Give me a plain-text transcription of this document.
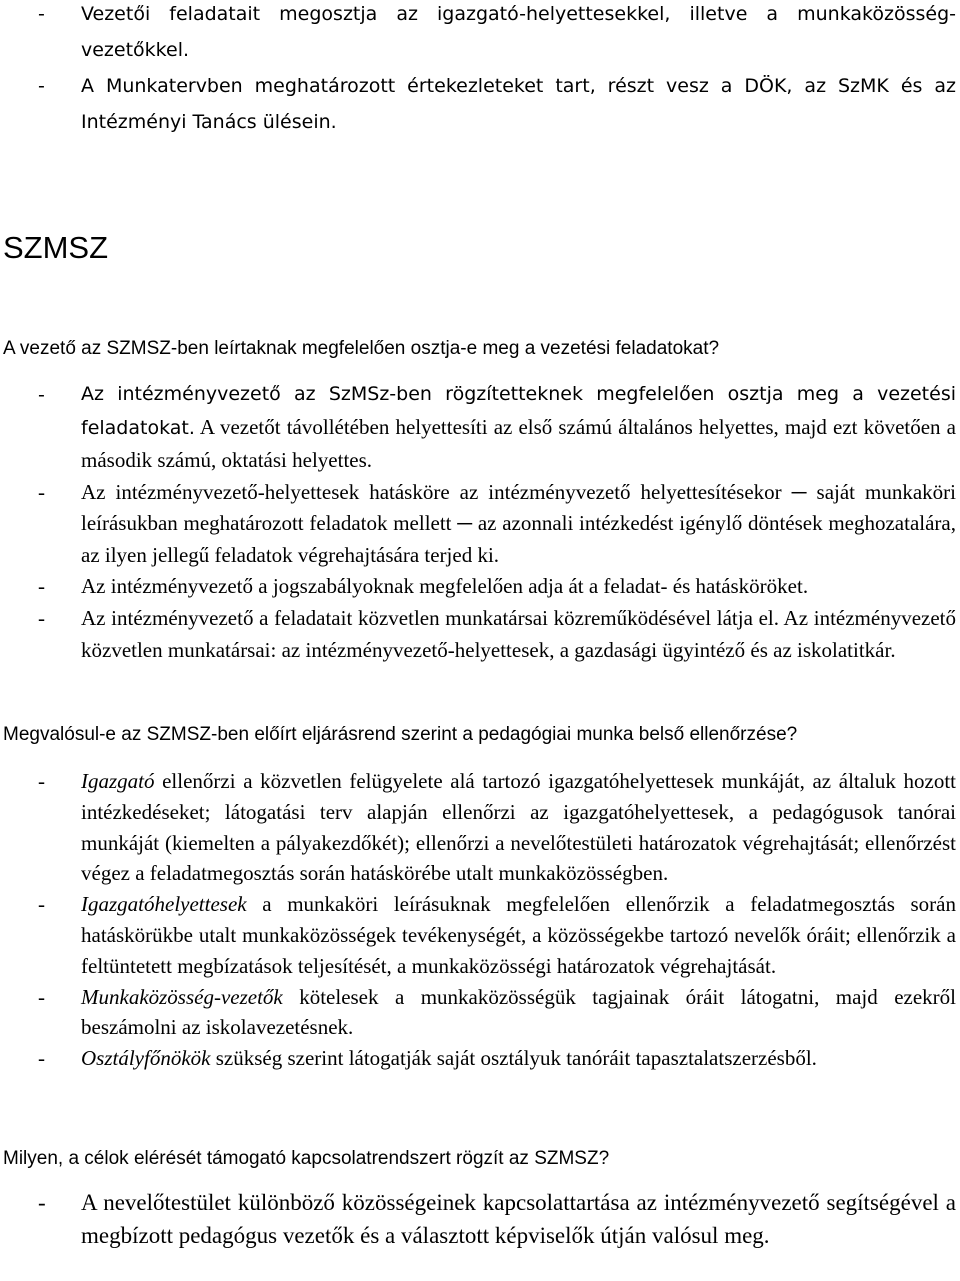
- Vezetői feladatait megosztja az igazgató-helyettesekkel, illetve a munkaközösség-vezetőkkel.
- A Munkatervben meghatározott értekezleteket tart, részt vesz a DÖK, az SzMK és az Intézményi Tanács ülésein.
SZMSZ

A vezető az SZMSZ-ben leírtaknak megfelelően osztja-e meg a vezetési feladatokat?

- Az intézményvezető az SzMSz-ben rögzítetteknek megfelelően osztja meg a vezetési feladatokat. A vezetőt távollétében helyettesíti az első számú általános helyettes, majd ezt követően a második számú, oktatási helyettes.
- Az intézményvezető-helyettesek hatásköre az intézményvezető helyettesítésekor ─ saját munkaköri leírásukban meghatározott feladatok mellett ─ az azonnali intézkedést igénylő döntések meghozatalára, az ilyen jellegű feladatok végrehajtására terjed ki.
- Az intézményvezető a jogszabályoknak megfelelően adja át a feladat- és hatásköröket.
- Az intézményvezető a feladatait közvetlen munkatársai közreműködésével látja el. Az intézményvezető közvetlen munkatársai: az intézményvezető-helyettesek, a gazdasági ügyintéző és az iskolatitkár.

Megvalósul-e az SZMSZ-ben előírt eljárásrend szerint a pedagógiai munka belső ellenőrzése?

- Igazgató ellenőrzi a közvetlen felügyelete alá tartozó igazgatóhelyettesek munkáját, az általuk hozott intézkedéseket; látogatási terv alapján ellenőrzi az igazgatóhelyettesek, a pedagógusok tanórai munkáját (kiemelten a pályakezdőkét); ellenőrzi a nevelőtestületi határozatok végrehajtását; ellenőrzést végez a feladatmegosztás során hatáskörébe utalt munkaközösségben.
- Igazgatóhelyettesek a munkaköri leírásuknak megfelelően ellenőrzik a feladatmegosztás során hatáskörükbe utalt munkaközösségek tevékenységét, a közösségekbe tartozó nevelők óráit; ellenőrzik a feltüntetett megbízatások teljesítését, a munkaközösségi határozatok végrehajtását.
- Munkaközösség-vezetők kötelesek a munkaközösségük tagjainak óráit látogatni, majd ezekről beszámolni az iskolavezetésnek.
- Osztályfőnökök szükség szerint látogatják saját osztályuk tanóráit tapasztalatszerzésből.

Milyen, a célok elérését támogató kapcsolatrendszert rögzít az SZMSZ?

- A nevelőtestület különböző közösségeinek kapcsolattartása az intézményvezető segítségével a megbízott pedagógus vezetők és a választott képviselők útján valósul meg.
